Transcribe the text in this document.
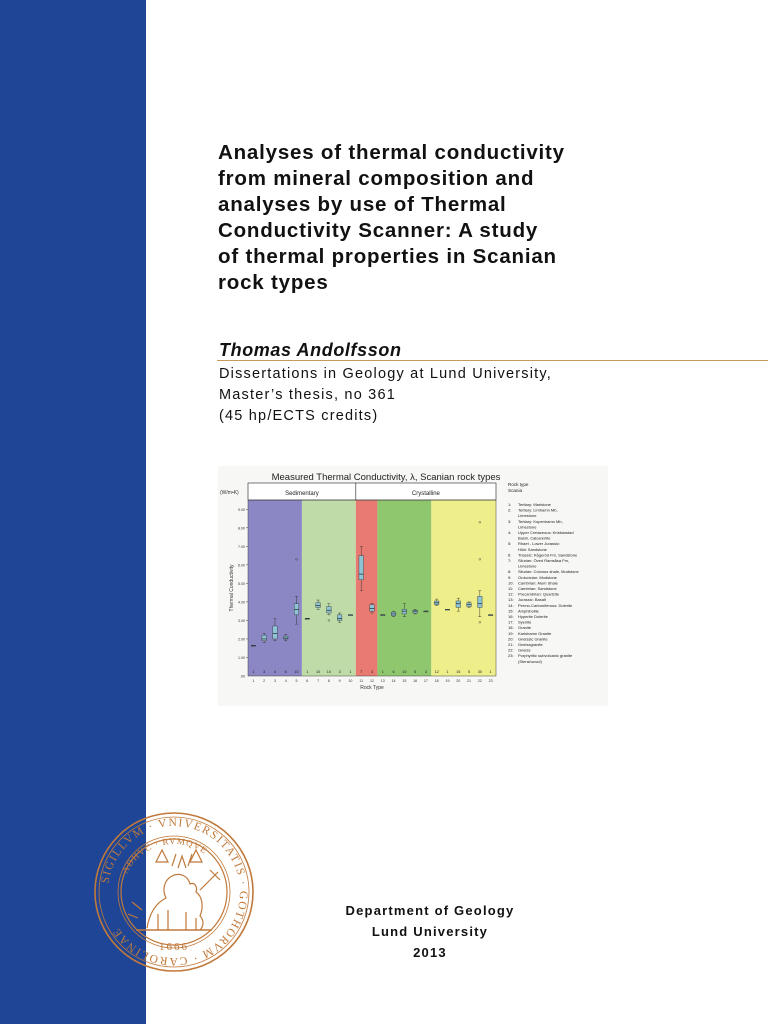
Analyses of thermal conductivity
from mineral composition and
analyses by use of Thermal
Conductivity Scanner: A study
of thermal properties in Scanian
rock types
Thomas Andolfsson
Dissertations in Geology at Lund University,
Master’s thesis, no 361
(45 hp/ECTS credits)
Measured Thermal Conductivity, λ, Scanian rock types
(W/m•K)	Sedimentary	Crystalline
1.00
2.00
3.00
4.00
5.00
6.00
7.00
8.00
9.00
.00
Thermal Conductivity
1
1
3
2
4
3
6
4
10
5
1
6
10
7
10
8
3
9
1
10
7
11
3
12
1
13
6
14
10
15
5
16
3
17
12
18
1
19
15
20
5
21
30
22
1
23
Rock Type
Rock type
Scania
1: Tertiary: Marlstone
2: Tertiary: Limhamn Mb,
Limestone
3: Tertiary: Kopenhamn Mb,
Limestone
4: Upper Cretaceous: Kristianstad
Basin, Calcarenite
5: Rhaet - Lower Jurassic:
Höör Sandstone
6: Triassic: Kågeröd Fm, Sandstone
7: Silurian: Öved Ramsåsa Fm,
Limestone
8: Silurian: Colonus shale, Mudstone
9: Ordovician: Mudstone
10: Cambrian: Alum Shale
11: Cambrian: Sandstone
12: Precambrian: Quartzite
13: Jurassic: Basalt
14: Permo-Carboniferous: Dolerite
15: Amphibolite
16: Hyperite Dolerite
17: Syenite
18: Granite
19: Karlshamn Granite
20: Gneissic Granite
21: Gneissgranite
22: Gneiss
23: Porphyritic subvolcanic granite
(Stenshuvud)
SIGILLVM · VNIVERSITATIS · GOTHORVM · CAROLINAE
ADHVC · RVMQVE
1666
Department of Geology
Lund University
2013
